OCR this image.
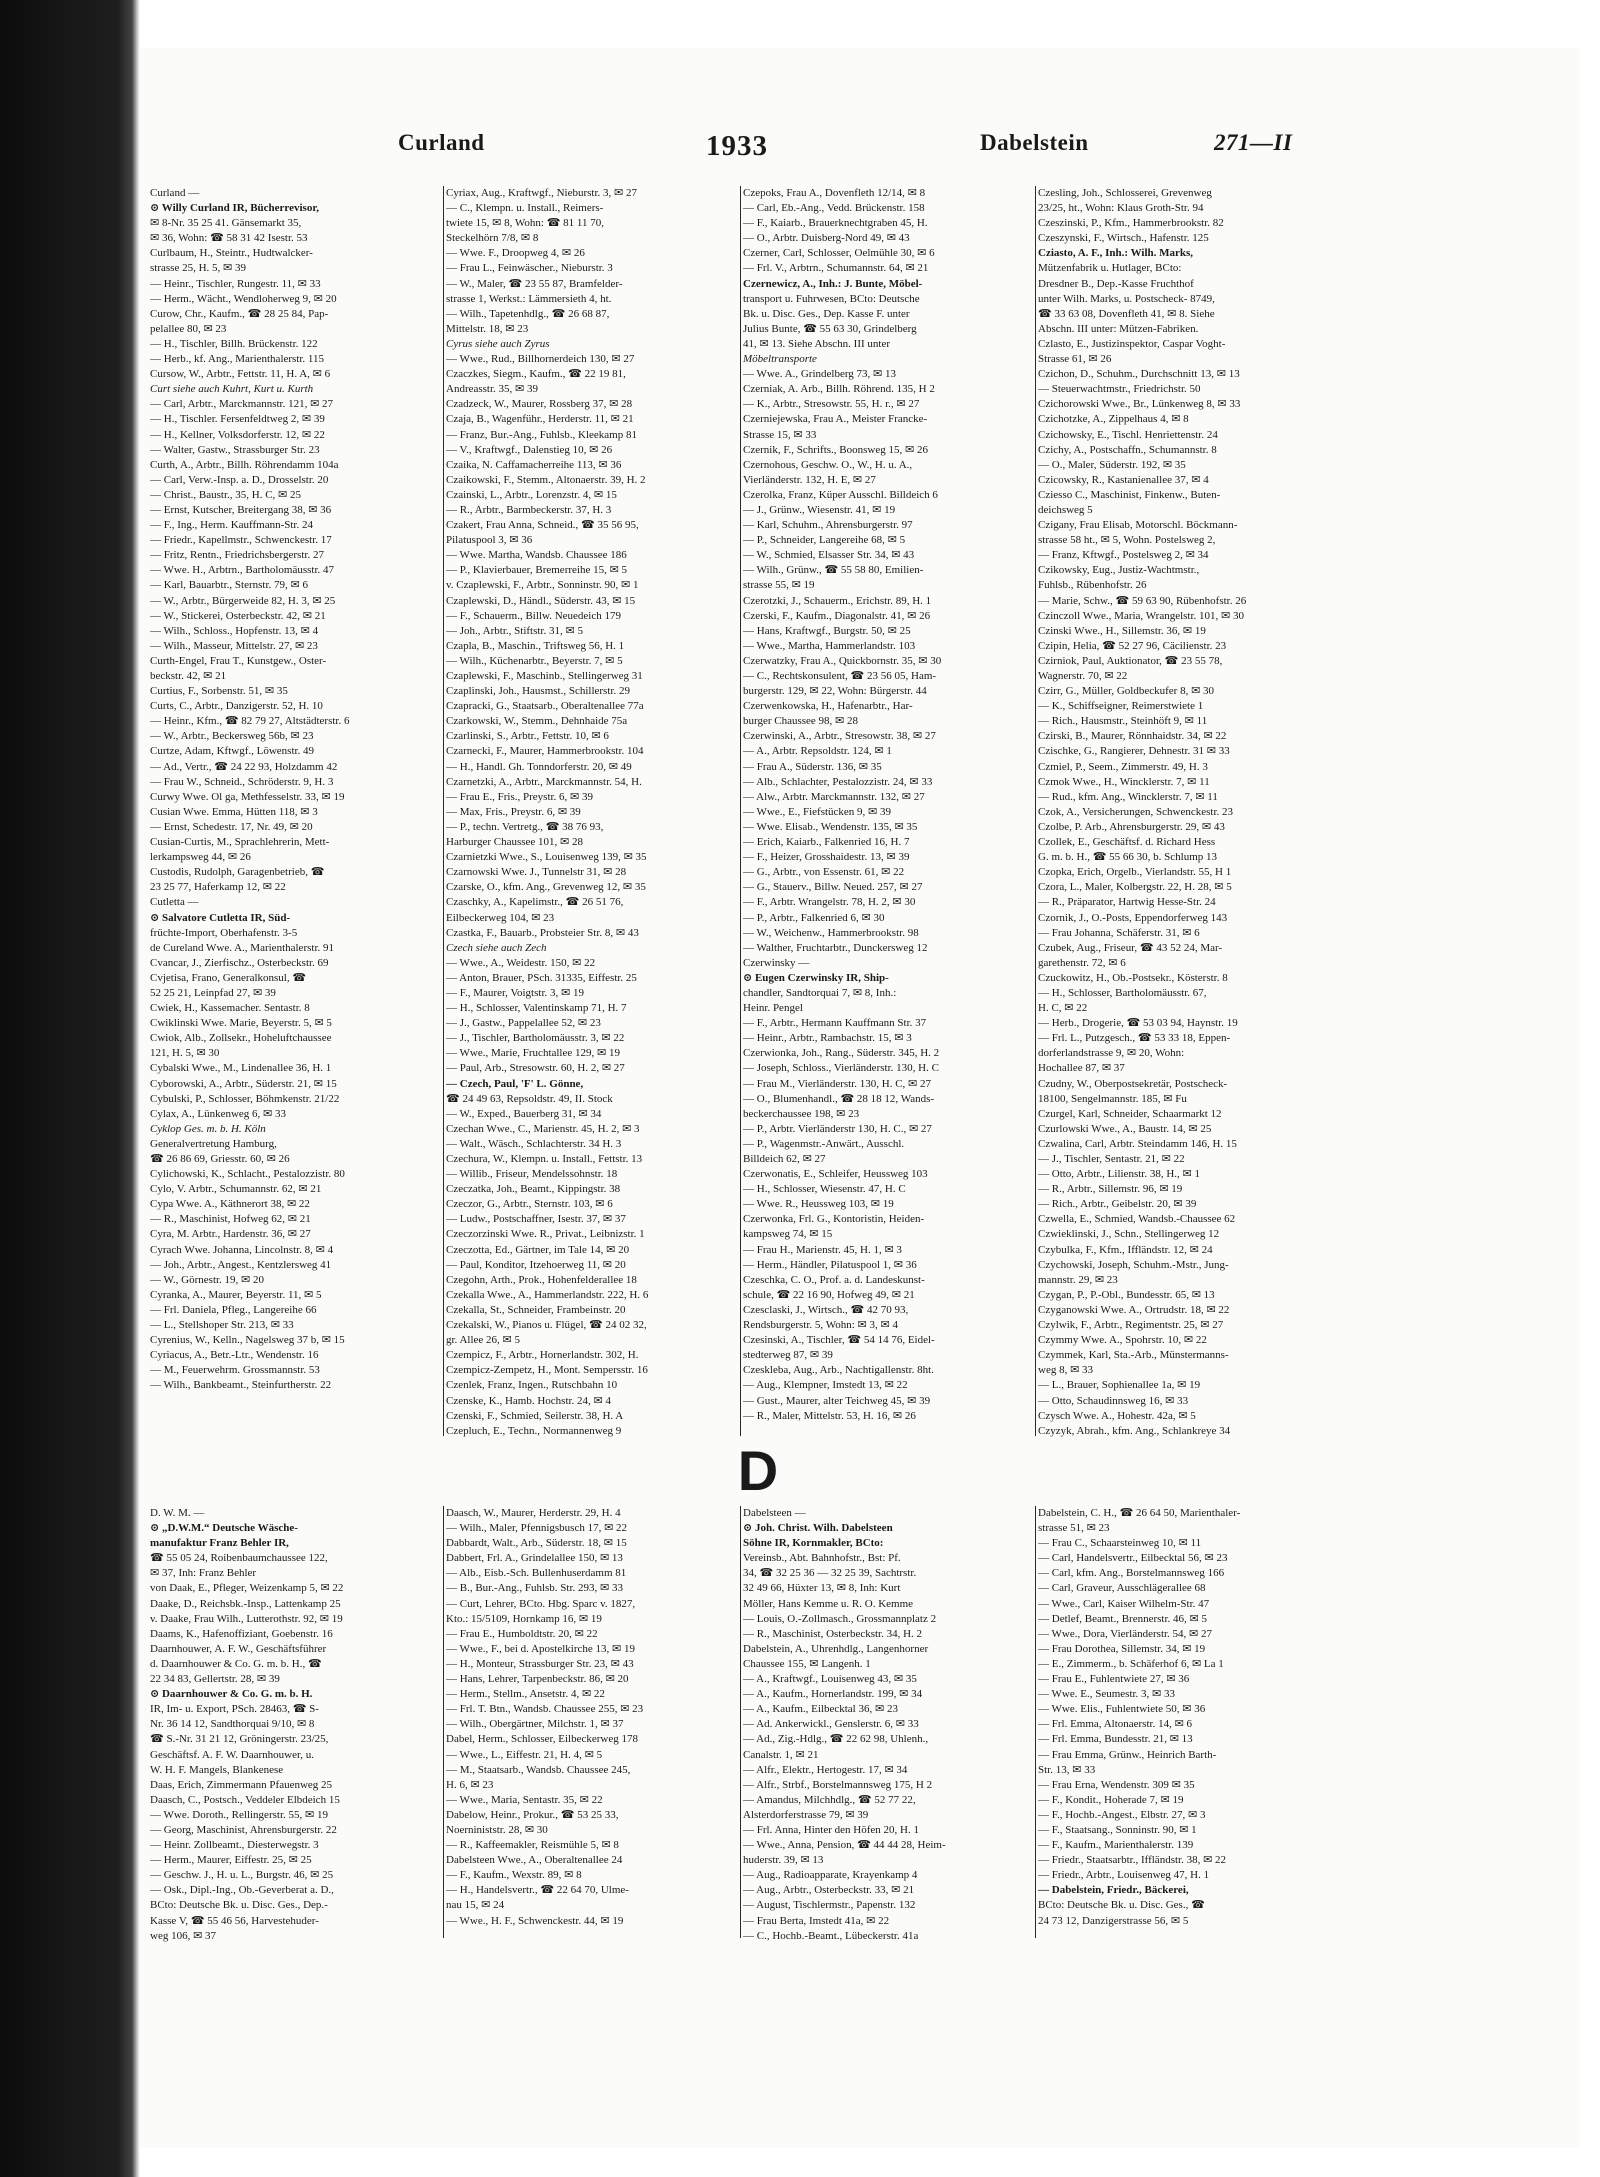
Curland	1933	Dabelstein	271—II
Curland —
⊙ Willy Curland IR, Bücherrevisor,
✉ 8-Nr. 35 25 41. Gänsemarkt 35,
✉ 36, Wohn: ☎ 58 31 42 Isestr. 53
Curlbaum, H., Steintr., Hudtwalcker-
strasse 25, H. 5, ✉ 39
— Heinr., Tischler, Rungestr. 11, ✉ 33
— Herm., Wächt., Wendloherweg 9, ✉ 20
Curow, Chr., Kaufm., ☎ 28 25 84, Pap-
pelallee 80, ✉ 23
— H., Tischler, Billh. Brückenstr. 122
— Herb., kf. Ang., Marienthalerstr. 115
Cursow, W., Arbtr., Fettstr. 11, H. A, ✉ 6
Curt siehe auch Kuhrt, Kurt u. Kurth
— Carl, Arbtr., Marckmannstr. 121, ✉ 27
— H., Tischler. Fersenfeldtweg 2, ✉ 39
— H., Kellner, Volksdorferstr. 12, ✉ 22
— Walter, Gastw., Strassburger Str. 23
Curth, A., Arbtr., Billh. Röhrendamm 104a
— Carl, Verw.-Insp. a. D., Drosselstr. 20
— Christ., Baustr., 35, H. C, ✉ 25
— Ernst, Kutscher, Breitergang 38, ✉ 36
— F., Ing., Herm. Kauffmann-Str. 24
— Friedr., Kapellmstr., Schwenckestr. 17
— Fritz, Rentn., Friedrichsbergerstr. 27
— Wwe. H., Arbtrn., Bartholomäusstr. 47
— Karl, Bauarbtr., Sternstr. 79, ✉ 6
— W., Arbtr., Bürgerweide 82, H. 3, ✉ 25
— W., Stickerei, Osterbeckstr. 42, ✉ 21
— Wilh., Schloss., Hopfenstr. 13, ✉ 4
— Wilh., Masseur, Mittelstr. 27, ✉ 23
Curth-Engel, Frau T., Kunstgew., Oster-
beckstr. 42, ✉ 21
Curtius, F., Sorbenstr. 51, ✉ 35
Curts, C., Arbtr., Danzigerstr. 52, H. 10
— Heinr., Kfm., ☎ 82 79 27, Altstädterstr. 6
— W., Arbtr., Beckersweg 56b, ✉ 23
Curtze, Adam, Kftwgf., Löwenstr. 49
— Ad., Vertr., ☎ 24 22 93, Holzdamm 42
— Frau W., Schneid., Schröderstr. 9, H. 3
Curwy Wwe. Ol ga, Methfesselstr. 33, ✉ 19
Cusian Wwe. Emma, Hütten 118, ✉ 3
— Ernst, Schedestr. 17, Nr. 49, ✉ 20
Cusian-Curtis, M., Sprachlehrerin, Mett-
lerkampsweg 44, ✉ 26
Custodis, Rudolph, Garagenbetrieb, ☎
23 25 77, Haferkamp 12, ✉ 22
Cutletta —
⊙ Salvatore Cutletta IR, Süd-
früchte-Import, Oberhafenstr. 3-5
de Cureland Wwe. A., Marienthalerstr. 91
Cvancar, J., Zierfischz., Osterbeckstr. 69
Cvjetisa, Frano, Generalkonsul, ☎
52 25 21, Leinpfad 27, ✉ 39
Cwiek, H., Kassemacher. Sentastr. 8
Cwiklinski Wwe. Marie, Beyerstr. 5, ✉ 5
Cwiok, Alb., Zollsekr., Hoheluftchaussee
121, H. 5, ✉ 30
Cybalski Wwe., M., Lindenallee 36, H. 1
Cyborowski, A., Arbtr., Süderstr. 21, ✉ 15
Cybulski, P., Schlosser, Böhmkenstr. 21/22
Cylax, A., Lünkenweg 6, ✉ 33
Cyklop Ges. m. b. H. Köln
Generalvertretung Hamburg,
☎ 26 86 69, Griesstr. 60, ✉ 26
Cylichowski, K., Schlacht., Pestalozzistr. 80
Cylo, V. Arbtr., Schumannstr. 62, ✉ 21
Cypa Wwe. A., Käthnerort 38, ✉ 22
— R., Maschinist, Hofweg 62, ✉ 21
Cyra, M. Arbtr., Hardenstr. 36, ✉ 27
Cyrach Wwe. Johanna, Lincolnstr. 8, ✉ 4
— Joh., Arbtr., Angest., Kentzlersweg 41
— W., Görnestr. 19, ✉ 20
Cyranka, A., Maurer, Beyerstr. 11, ✉ 5
— Frl. Daniela, Pfleg., Langereihe 66
— L., Stellshoper Str. 213, ✉ 33
Cyrenius, W., Kelln., Nagelsweg 37 b, ✉ 15
Cyriacus, A., Betr.-Ltr., Wendenstr. 16
— M., Feuerwehrm. Grossmannstr. 53
— Wilh., Bankbeamt., Steinfurtherstr. 22
Cyriax, Aug., Kraftwgf., Nieburstr. 3, ✉ 27
— C., Klempn. u. Install., Reimers-
twiete 15, ✉ 8, Wohn: ☎ 81 11 70,
Steckelhörn 7/8, ✉ 8
— Wwe. F., Droopweg 4, ✉ 26
— Frau L., Feinwäscher., Nieburstr. 3
— W., Maler, ☎ 23 55 87, Bramfelder-
strasse 1, Werkst.: Lämmersieth 4, ht.
— Wilh., Tapetenhdlg., ☎ 26 68 87,
Mittelstr. 18, ✉ 23
Cyrus siehe auch Zyrus
— Wwe., Rud., Billhornerdeich 130, ✉ 27
Czaczkes, Siegm., Kaufm., ☎ 22 19 81,
Andreasstr. 35, ✉ 39
Czadzeck, W., Maurer, Rossberg 37, ✉ 28
Czaja, B., Wagenführ., Herderstr. 11, ✉ 21
— Franz, Bur.-Ang., Fuhlsb., Kleekamp 81
— V., Kraftwgf., Dalenstieg 10, ✉ 26
Czaika, N. Caffamacherreihe 113, ✉ 36
Czaikowski, F., Stemm., Altonaerstr. 39, H. 2
Czainski, L., Arbtr., Lorenzstr. 4, ✉ 15
— R., Arbtr., Barmbeckerstr. 37, H. 3
Czakert, Frau Anna, Schneid., ☎ 35 56 95,
Pilatuspool 3, ✉ 36
— Wwe. Martha, Wandsb. Chaussee 186
— P., Klavierbauer, Bremerreihe 15, ✉ 5
v. Czaplewski, F., Arbtr., Sonninstr. 90, ✉ 1
Czaplewski, D., Händl., Süderstr. 43, ✉ 15
— F., Schauerm., Billw. Neuedeich 179
— Joh., Arbtr., Stiftstr. 31, ✉ 5
Czapla, B., Maschin., Triftsweg 56, H. 1
— Wilh., Küchenarbtr., Beyerstr. 7, ✉ 5
Czaplewski, F., Maschinb., Stellingerweg 31
Czaplinski, Joh., Hausmst., Schillerstr. 29
Czapracki, G., Staatsarb., Oberaltenallee 77a
Czarkowski, W., Stemm., Dehnhaide 75a
Czarlinski, S., Arbtr., Fettstr. 10, ✉ 6
Czarnecki, F., Maurer, Hammerbrookstr. 104
— H., Handl. Gh. Tonndorferstr. 20, ✉ 49
Czarnetzki, A., Arbtr., Marckmannstr. 54, H.
— Frau E., Fris., Preystr. 6, ✉ 39
— Max, Fris., Preystr. 6, ✉ 39
— P., techn. Vertretg., ☎ 38 76 93,
Harburger Chaussee 101, ✉ 28
Czarnietzki Wwe., S., Louisenweg 139, ✉ 35
Czarnowski Wwe. J., Tunnelstr 31, ✉ 28
Czarske, O., kfm. Ang., Grevenweg 12, ✉ 35
Czaschky, A., Kapelimstr., ☎ 26 51 76,
Eilbeckerweg 104, ✉ 23
Czastka, F., Bauarb., Probsteier Str. 8, ✉ 43
Czech siehe auch Zech
— Wwe., A., Weidestr. 150, ✉ 22
— Anton, Brauer, PSch. 31335, Eiffestr. 25
— F., Maurer, Voigtstr. 3, ✉ 19
— H., Schlosser, Valentinskamp 71, H. 7
— J., Gastw., Pappelallee 52, ✉ 23
— J., Tischler, Bartholomäusstr. 3, ✉ 22
— Wwe., Marie, Fruchtallee 129, ✉ 19
— Paul, Arb., Stresowstr. 60, H. 2, ✉ 27
— Czech, Paul, 'F' L. Gönne,
☎ 24 49 63, Repsoldstr. 49, II. Stock
— W., Exped., Bauerberg 31, ✉ 34
Czechan Wwe., C., Marienstr. 45, H. 2, ✉ 3
— Walt., Wäsch., Schlachterstr. 34 H. 3
Czechura, W., Klempn. u. Install., Fettstr. 13
— Willib., Friseur, Mendelssohnstr. 18
Czeczatka, Joh., Beamt., Kippingstr. 38
Czeczor, G., Arbtr., Sternstr. 103, ✉ 6
— Ludw., Postschaffner, Isestr. 37, ✉ 37
Czeczorzinski Wwe. R., Privat., Leibnizstr. 1
Czeczotta, Ed., Gärtner, im Tale 14, ✉ 20
— Paul, Konditor, Itzehoerweg 11, ✉ 20
Czegohn, Arth., Prok., Hohenfelderallee 18
Czekalla Wwe., A., Hammerlandstr. 222, H. 6
Czekalla, St., Schneider, Frambeinstr. 20
Czekalski, W., Pianos u. Flügel, ☎ 24 02 32,
gr. Allee 26, ✉ 5
Czempicz, F., Arbtr., Hornerlandstr. 302, H.
Czempicz-Zempetz, H., Mont. Sempersstr. 16
Czenlek, Franz, Ingen., Rutschbahn 10
Czenske, K., Hamb. Hochstr. 24, ✉ 4
Czenski, F., Schmied, Seilerstr. 38, H. A
Czepluch, E., Techn., Normannenweg 9
Czepoks, Frau A., Dovenfleth 12/14, ✉ 8
— Carl, Eb.-Ang., Vedd. Brückenstr. 158
— F., Kaiarb., Brauerknechtgraben 45, H.
— O., Arbtr. Duisberg-Nord 49, ✉ 43
Czerner, Carl, Schlosser, Oelmühle 30, ✉ 6
— Frl. V., Arbtrn., Schumannstr. 64, ✉ 21
Czernewicz, A., Inh.: J. Bunte, Möbel-
transport u. Fuhrwesen, BCto: Deutsche
Bk. u. Disc. Ges., Dep. Kasse F. unter
Julius Bunte, ☎ 55 63 30, Grindelberg
41, ✉ 13. Siehe Abschn. III unter
Möbeltransporte
— Wwe. A., Grindelberg 73, ✉ 13
Czerniak, A. Arb., Billh. Röhrend. 135, H 2
— K., Arbtr., Stresowstr. 55, H. r., ✉ 27
Czerniejewska, Frau A., Meister Francke-
Strasse 15, ✉ 33
Czernik, F., Schrifts., Boonsweg 15, ✉ 26
Czernohous, Geschw. O., W., H. u. A.,
Vierländerstr. 132, H. E, ✉ 27
Czerolka, Franz, Küper Ausschl. Billdeich 6
— J., Grünw., Wiesenstr. 41, ✉ 19
— Karl, Schuhm., Ahrensburgerstr. 97
— P., Schneider, Langereihe 68, ✉ 5
— W., Schmied, Elsasser Str. 34, ✉ 43
— Wilh., Grünw., ☎ 55 58 80, Emilien-
strasse 55, ✉ 19
Czerotzki, J., Schauerm., Erichstr. 89, H. 1
Czerski, F., Kaufm., Diagonalstr. 41, ✉ 26
— Hans, Kraftwgf., Burgstr. 50, ✉ 25
— Wwe., Martha, Hammerlandstr. 103
Czerwatzky, Frau A., Quickbornstr. 35, ✉ 30
— C., Rechtskonsulent, ☎ 23 56 05, Ham-
burgerstr. 129, ✉ 22, Wohn: Bürgerstr. 44
Czerwenkowska, H., Hafenarbtr., Har-
burger Chaussee 98, ✉ 28
Czerwinski, A., Arbtr., Stresowstr. 38, ✉ 27
— A., Arbtr. Repsoldstr. 124, ✉ 1
— Frau A., Süderstr. 136, ✉ 35
— Alb., Schlachter, Pestalozzistr. 24, ✉ 33
— Alw., Arbtr. Marckmannstr. 132, ✉ 27
— Wwe., E., Fiefstücken 9, ✉ 39
— Wwe. Elisab., Wendenstr. 135, ✉ 35
— Erich, Kaiarb., Falkenried 16, H. 7
— F., Heizer, Grosshaidestr. 13, ✉ 39
— G., Arbtr., von Essenstr. 61, ✉ 22
— G., Stauerv., Billw. Neued. 257, ✉ 27
— F., Arbtr. Wrangelstr. 78, H. 2, ✉ 30
— P., Arbtr., Falkenried 6, ✉ 30
— W., Weichenw., Hammerbrookstr. 98
— Walther, Fruchtarbtr., Dunckersweg 12
Czerwinsky —
⊙ Eugen Czerwinsky IR, Ship-
chandler, Sandtorquai 7, ✉ 8, Inh.:
Heinr. Pengel
— F., Arbtr., Hermann Kauffmann Str. 37
— Heinr., Arbtr., Rambachstr. 15, ✉ 3
Czerwionka, Joh., Rang., Süderstr. 345, H. 2
— Joseph, Schloss., Vierländerstr. 130, H. C
— Frau M., Vierländerstr. 130, H. C, ✉ 27
— O., Blumenhandl., ☎ 28 18 12, Wands-
beckerchaussee 198, ✉ 23
— P., Arbtr. Vierländerstr 130, H. C., ✉ 27
— P., Wagenmstr.-Anwärt., Ausschl.
Billdeich 62, ✉ 27
Czerwonatis, E., Schleifer, Heussweg 103
— H., Schlosser, Wiesenstr. 47, H. C
— Wwe. R., Heussweg 103, ✉ 19
Czerwonka, Frl. G., Kontoristin, Heiden-
kampsweg 74, ✉ 15
— Frau H., Marienstr. 45, H. 1, ✉ 3
— Herm., Händler, Pilatuspool 1, ✉ 36
Czeschka, C. O., Prof. a. d. Landeskunst-
schule, ☎ 22 16 90, Hofweg 49, ✉ 21
Czesclaski, J., Wirtsch., ☎ 42 70 93,
Rendsburgerstr. 5, Wohn: ✉ 3, ✉ 4
Czesinski, A., Tischler, ☎ 54 14 76, Eidel-
stedterweg 87, ✉ 39
Czeskleba, Aug., Arb., Nachtigallenstr. 8ht.
— Aug., Klempner, Imstedt 13, ✉ 22
— Gust., Maurer, alter Teichweg 45, ✉ 39
— R., Maler, Mittelstr. 53, H. 16, ✉ 26
Czesling, Joh., Schlosserei, Grevenweg
23/25, ht., Wohn: Klaus Groth-Str. 94
Czeszinski, P., Kfm., Hammerbrookstr. 82
Czeszynski, F., Wirtsch., Hafenstr. 125
Cziasto, A. F., Inh.: Wilh. Marks,
Mützenfabrik u. Hutlager, BCto:
Dresdner B., Dep.-Kasse Fruchthof
unter Wilh. Marks, u. Postscheck- 8749,
☎ 33 63 08, Dovenfleth 41, ✉ 8. Siehe
Abschn. III unter: Mützen-Fabriken.
Czlasto, E., Justizinspektor, Caspar Voght-
Strasse 61, ✉ 26
Czichon, D., Schuhm., Durchschnitt 13, ✉ 13
— Steuerwachtmstr., Friedrichstr. 50
Czichorowski Wwe., Br., Lünkenweg 8, ✉ 33
Czichotzke, A., Zippelhaus 4, ✉ 8
Czichowsky, E., Tischl. Henriettenstr. 24
Czichy, A., Postschaffn., Schumannstr. 8
— O., Maler, Süderstr. 192, ✉ 35
Czicowsky, R., Kastanienallee 37, ✉ 4
Cziesso C., Maschinist, Finkenw., Buten-
deichsweg 5
Czigany, Frau Elisab, Motorschl. Böckmann-
strasse 58 ht., ✉ 5, Wohn. Postelsweg 2,
— Franz, Kftwgf., Postelsweg 2, ✉ 34
Czikowsky, Eug., Justiz-Wachtmstr.,
Fuhlsb., Rübenhofstr. 26
— Marie, Schw., ☎ 59 63 90, Rübenhofstr. 26
Czinczoll Wwe., Maria, Wrangelstr. 101, ✉ 30
Czinski Wwe., H., Sillemstr. 36, ✉ 19
Czipin, Helia, ☎ 52 27 96, Cäcilienstr. 23
Czirniok, Paul, Auktionator, ☎ 23 55 78,
Wagnerstr. 70, ✉ 22
Czirr, G., Müller, Goldbeckufer 8, ✉ 30
— K., Schiffseigner, Reimerstwiete 1
— Rich., Hausmstr., Steinhöft 9, ✉ 11
Czirski, B., Maurer, Rönnhaidstr. 34, ✉ 22
Czischke, G., Rangierer, Dehnestr. 31 ✉ 33
Czmiel, P., Seem., Zimmerstr. 49, H. 3
Czmok Wwe., H., Wincklerstr. 7, ✉ 11
— Rud., kfm. Ang., Wincklerstr. 7, ✉ 11
Czok, A., Versicherungen, Schwenckestr. 23
Czolbe, P. Arb., Ahrensburgerstr. 29, ✉ 43
Czollek, E., Geschäftsf. d. Richard Hess
G. m. b. H., ☎ 55 66 30, b. Schlump 13
Czopka, Erich, Orgelb., Vierlandstr. 55, H 1
Czora, L., Maler, Kolbergstr. 22, H. 28, ✉ 5
— R., Präparator, Hartwig Hesse-Str. 24
Czornik, J., O.-Posts, Eppendorferweg 143
— Frau Johanna, Schäferstr. 31, ✉ 6
Czubek, Aug., Friseur, ☎ 43 52 24, Mar-
garethenstr. 72, ✉ 6
Czuckowitz, H., Ob.-Postsekr., Kösterstr. 8
— H., Schlosser, Bartholomäusstr. 67,
H. C, ✉ 22
— Herb., Drogerie, ☎ 53 03 94, Haynstr. 19
— Frl. L., Putzgesch., ☎ 53 33 18, Eppen-
dorferlandstrasse 9, ✉ 20, Wohn:
Hochallee 87, ✉ 37
Czudny, W., Oberpostsekretär, Postscheck-
18100, Sengelmannstr. 185, ✉ Fu
Czurgel, Karl, Schneider, Schaarmarkt 12
Czurlowski Wwe., A., Baustr. 14, ✉ 25
Czwalina, Carl, Arbtr. Steindamm 146, H. 15
— J., Tischler, Sentastr. 21, ✉ 22
— Otto, Arbtr., Lilienstr. 38, H., ✉ 1
— R., Arbtr., Sillemstr. 96, ✉ 19
— Rich., Arbtr., Geibelstr. 20, ✉ 39
Czwella, E., Schmied, Wandsb.-Chaussee 62
Czwieklinski, J., Schn., Stellingerweg 12
Czybulka, F., Kfm., Iffländstr. 12, ✉ 24
Czychowski, Joseph, Schuhm.-Mstr., Jung-
mannstr. 29, ✉ 23
Czygan, P., P.-Obl., Bundesstr. 65, ✉ 13
Czyganowski Wwe. A., Ortrudstr. 18, ✉ 22
Czylwik, F., Arbtr., Regimentstr. 25, ✉ 27
Czymmy Wwe. A., Spohrstr. 10, ✉ 22
Czymmek, Karl, Sta.-Arb., Münstermanns-
weg 8, ✉ 33
— L., Brauer, Sophienallee 1a, ✉ 19
— Otto, Schaudinnsweg 16, ✉ 33
Czysch Wwe. A., Hohestr. 42a, ✉ 5
Czyzyk, Abrah., kfm. Ang., Schlankreye 34
D
D. W. M. —
⊙ „D.W.M.“ Deutsche Wäsche-
manufaktur Franz Behler IR,
☎ 55 05 24, Roibenbaumchaussee 122,
✉ 37, Inh: Franz Behler
von Daak, E., Pfleger, Weizenkamp 5, ✉ 22
Daake, D., Reichsbk.-Insp., Lattenkamp 25
v. Daake, Frau Wilh., Lutterothstr. 92, ✉ 19
Daams, K., Hafenoffiziant, Goebenstr. 16
Daarnhouwer, A. F. W., Geschäftsführer
d. Daarnhouwer & Co. G. m. b. H., ☎
22 34 83, Gellertstr. 28, ✉ 39
⊙ Daarnhouwer & Co. G. m. b. H.
IR, Im- u. Export, PSch. 28463, ☎ S-
Nr. 36 14 12, Sandthorquai 9/10, ✉ 8
☎ S.-Nr. 31 21 12, Gröningerstr. 23/25,
Geschäftsf. A. F. W. Daarnhouwer, u.
W. H. F. Mangels, Blankenese
Daas, Erich, Zimmermann Pfauenweg 25
Daasch, C., Postsch., Veddeler Elbdeich 15
— Wwe. Doroth., Rellingerstr. 55, ✉ 19
— Georg, Maschinist, Ahrensburgerstr. 22
— Heinr. Zollbeamt., Diesterwegstr. 3
— Herm., Maurer, Eiffestr. 25, ✉ 25
— Geschw. J., H. u. L., Burgstr. 46, ✉ 25
— Osk., Dipl.-Ing., Ob.-Geverberat a. D.,
BCto: Deutsche Bk. u. Disc. Ges., Dep.-
Kasse V, ☎ 55 46 56, Harvestehuder-
weg 106, ✉ 37
Daasch, W., Maurer, Herderstr. 29, H. 4
— Wilh., Maler, Pfennigsbusch 17, ✉ 22
Dabbardt, Walt., Arb., Süderstr. 18, ✉ 15
Dabbert, Frl. A., Grindelallee 150, ✉ 13
— Alb., Eisb.-Sch. Bullenhuserdamm 81
— B., Bur.-Ang., Fuhlsb. Str. 293, ✉ 33
— Curt, Lehrer, BCto. Hbg. Sparc v. 1827,
Kto.: 15/5109, Hornkamp 16, ✉ 19
— Frau E., Humboldtstr. 20, ✉ 22
— Wwe., F., bei d. Apostelkirche 13, ✉ 19
— H., Monteur, Strassburger Str. 23, ✉ 43
— Hans, Lehrer, Tarpenbeckstr. 86, ✉ 20
— Herm., Stellm., Ansetstr. 4, ✉ 22
— Frl. T. Btn., Wandsb. Chaussee 255, ✉ 23
— Wilh., Obergärtner, Milchstr. 1, ✉ 37
Dabel, Herm., Schlosser, Eilbeckerweg 178
— Wwe., L., Eiffestr. 21, H. 4, ✉ 5
— M., Staatsarb., Wandsb. Chaussee 245,
H. 6, ✉ 23
— Wwe., Maria, Sentastr. 35, ✉ 22
Dabelow, Heinr., Prokur., ☎ 53 25 33,
Noerniniststr. 28, ✉ 30
— R., Kaffeemakler, Reismühle 5, ✉ 8
Dabelsteen Wwe., A., Oberaltenallee 24
— F., Kaufm., Wexstr. 89, ✉ 8
— H., Handelsvertr., ☎ 22 64 70, Ulme-
nau 15, ✉ 24
— Wwe., H. F., Schwenckestr. 44, ✉ 19
Dabelsteen —
⊙ Joh. Christ. Wilh. Dabelsteen
Söhne IR, Kornmakler, BCto:
Vereinsb., Abt. Bahnhofstr., Bst: Pf.
34, ☎ 32 25 36 — 32 25 39, Sachtrstr.
32 49 66, Hüxter 13, ✉ 8, Inh: Kurt
Möller, Hans Kemme u. R. O. Kemme
— Louis, O.-Zollmasch., Grossmannplatz 2
— R., Maschinist, Osterbeckstr. 34, H. 2
Dabelstein, A., Uhrenhdlg., Langenhorner
Chaussee 155, ✉ Langenh. 1
— A., Kraftwgf., Louisenweg 43, ✉ 35
— A., Kaufm., Hornerlandstr. 199, ✉ 34
— A., Kaufm., Eilbecktal 36, ✉ 23
— Ad. Ankerwickl., Genslerstr. 6, ✉ 33
— Ad., Zig.-Hdlg., ☎ 22 62 98, Uhlenh.,
Canalstr. 1, ✉ 21
— Alfr., Elektr., Hertogestr. 17, ✉ 34
— Alfr., Strbf., Borstelmannsweg 175, H 2
— Amandus, Milchhdlg., ☎ 52 77 22,
Alsterdorferstrasse 79, ✉ 39
— Frl. Anna, Hinter den Höfen 20, H. 1
— Wwe., Anna, Pension, ☎ 44 44 28, Heim-
huderstr. 39, ✉ 13
— Aug., Radioapparate, Krayenkamp 4
— Aug., Arbtr., Osterbeckstr. 33, ✉ 21
— August, Tischlermstr., Papenstr. 132
— Frau Berta, Imstedt 41a, ✉ 22
— C., Hochb.-Beamt., Lübeckerstr. 41a
Dabelstein, C. H., ☎ 26 64 50, Marienthaler-
strasse 51, ✉ 23
— Frau C., Schaarsteinweg 10, ✉ 11
— Carl, Handelsvertr., Eilbecktal 56, ✉ 23
— Carl, kfm. Ang., Borstelmannsweg 166
— Carl, Graveur, Ausschlägerallee 68
— Wwe., Carl, Kaiser Wilhelm-Str. 47
— Detlef, Beamt., Brennerstr. 46, ✉ 5
— Wwe., Dora, Vierländerstr. 54, ✉ 27
— Frau Dorothea, Sillemstr. 34, ✉ 19
— E., Zimmerm., b. Schäferhof 6, ✉ La 1
— Frau E., Fuhlentwiete 27, ✉ 36
— Wwe. E., Seumestr. 3, ✉ 33
— Wwe. Elis., Fuhlentwiete 50, ✉ 36
— Frl. Emma, Altonaerstr. 14, ✉ 6
— Frl. Emma, Bundesstr. 21, ✉ 13
— Frau Emma, Grünw., Heinrich Barth-
Str. 13, ✉ 33
— Frau Erna, Wendenstr. 309 ✉ 35
— F., Kondit., Hoherade 7, ✉ 19
— F., Hochb.-Angest., Elbstr. 27, ✉ 3
— F., Staatsang., Sonninstr. 90, ✉ 1
— F., Kaufm., Marienthalerstr. 139
— Friedr., Staatsarbtr., Iffländstr. 38, ✉ 22
— Friedr., Arbtr., Louisenweg 47, H. 1
— Dabelstein, Friedr., Bäckerei,
BCto: Deutsche Bk. u. Disc. Ges., ☎
24 73 12, Danzigerstrasse 56, ✉ 5
